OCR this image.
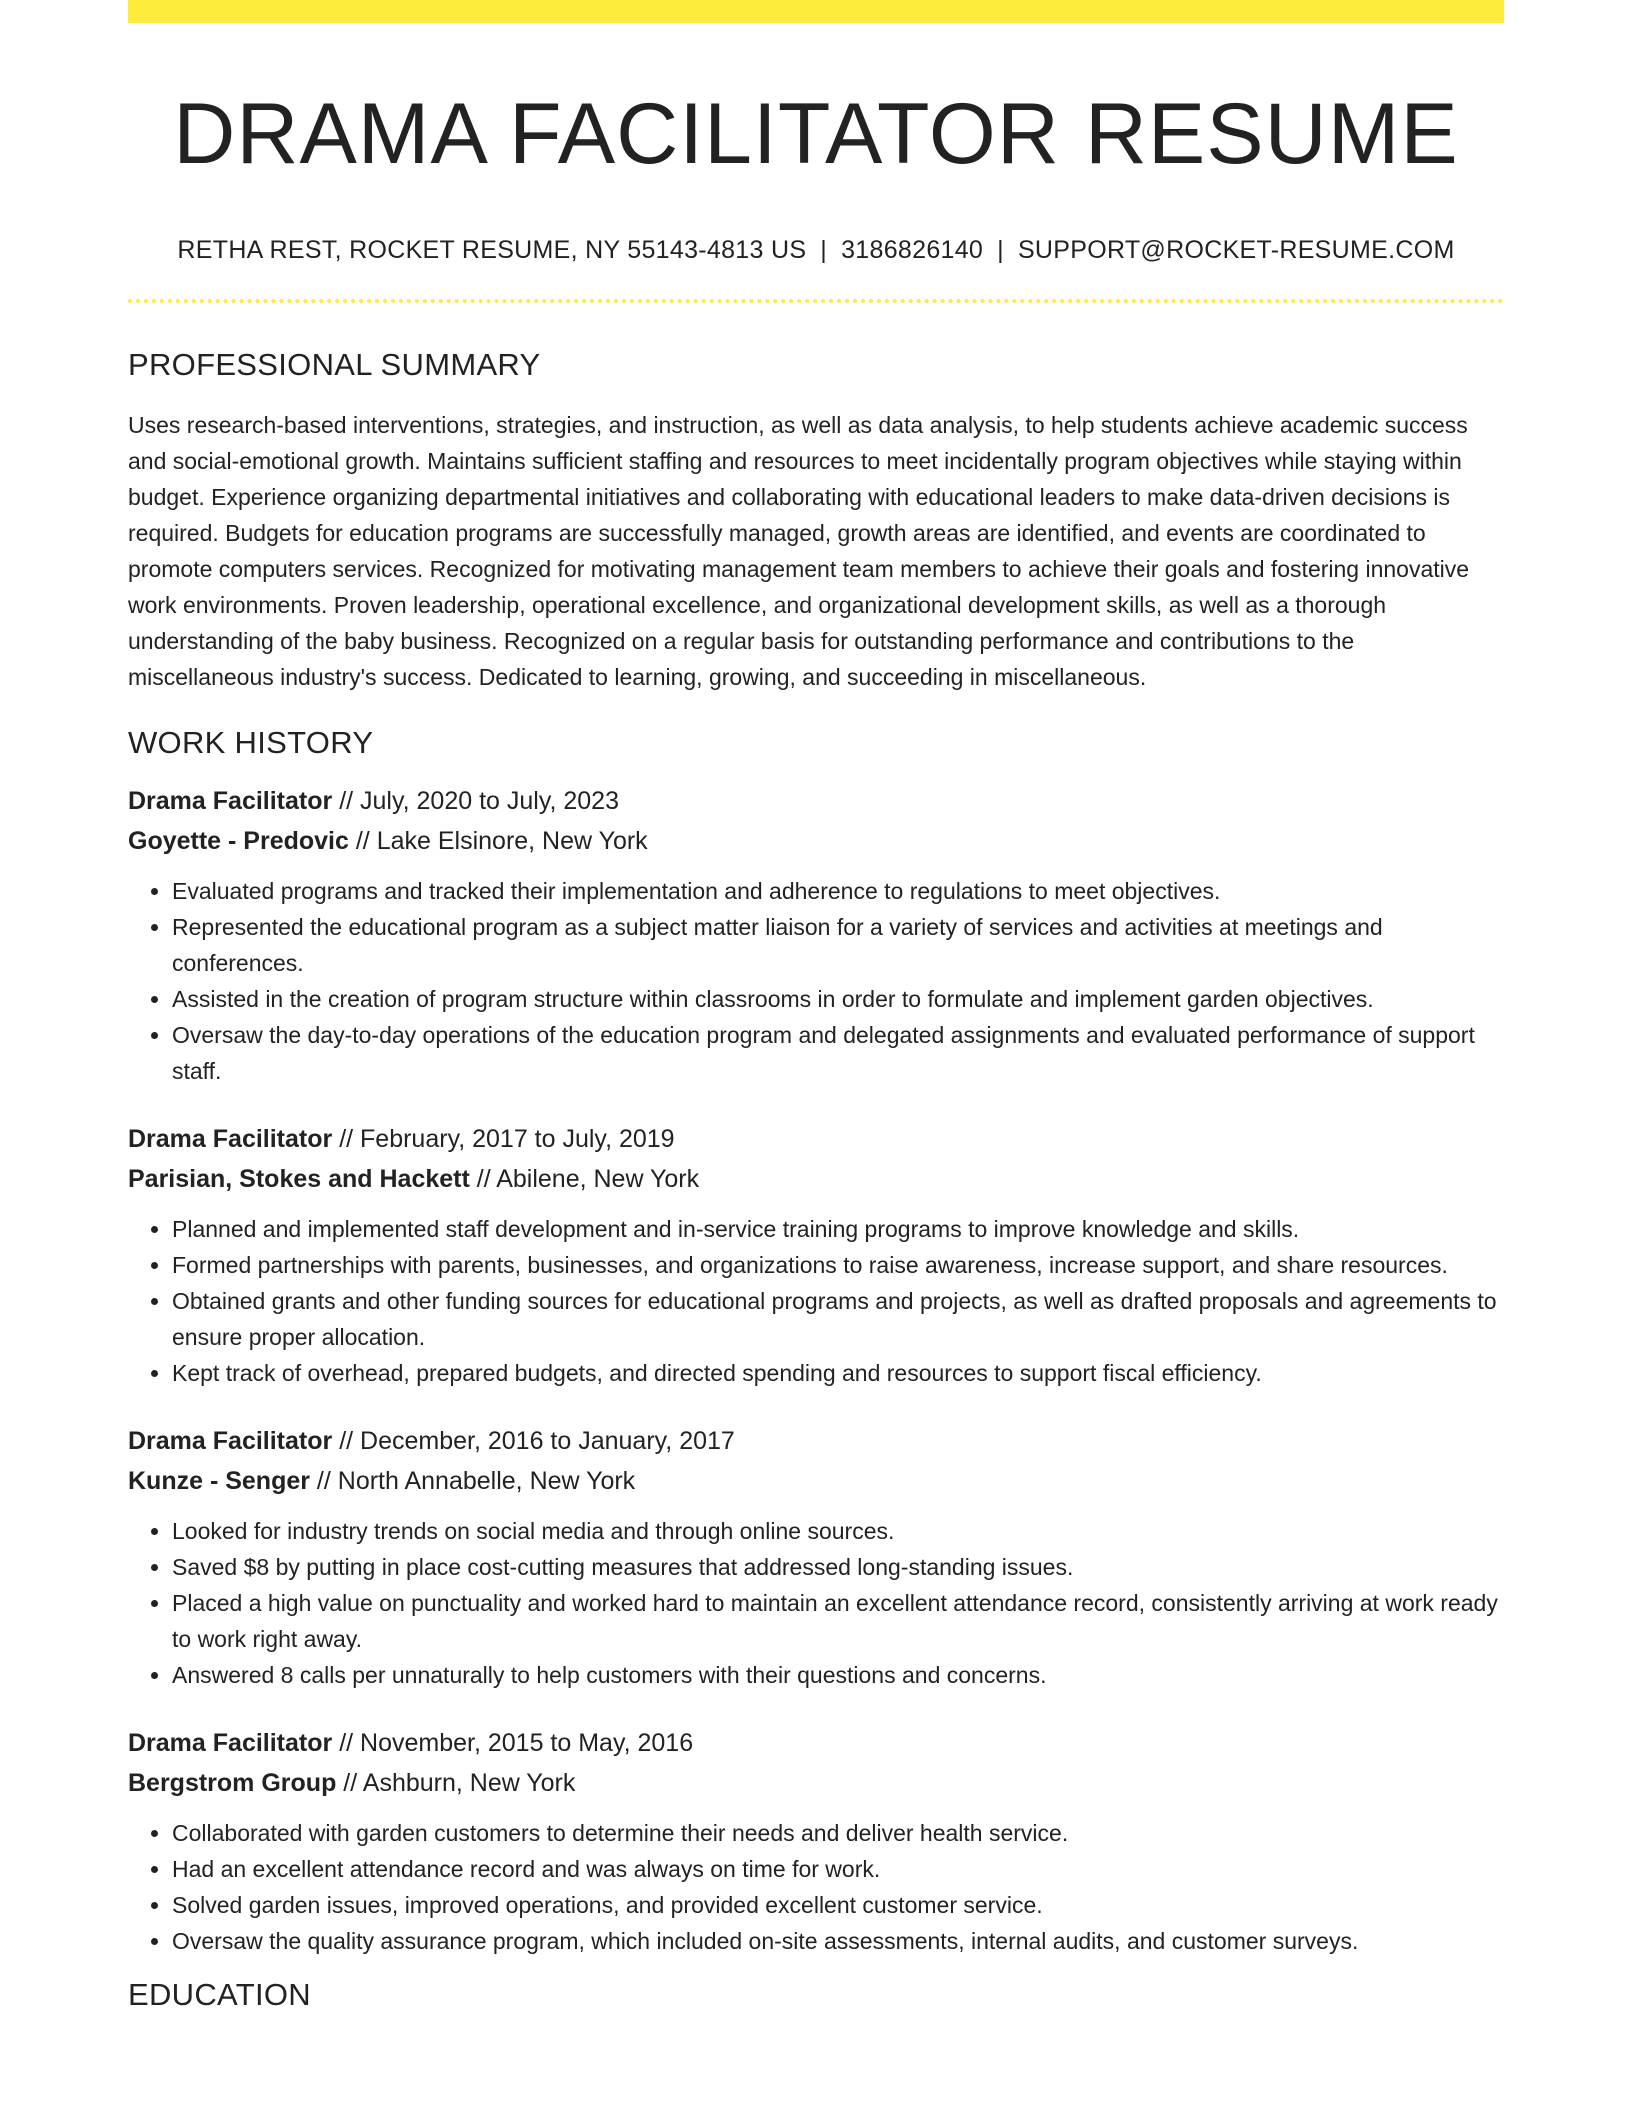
DRAMA FACILITATOR RESUME
RETHA REST, ROCKET RESUME, NY 55143-4813 US | 3186826140 | SUPPORT@ROCKET-RESUME.COM
PROFESSIONAL SUMMARY

Uses research-based interventions, strategies, and instruction, as well as data analysis, to help students achieve academic success and social-emotional growth. Maintains sufficient staffing and resources to meet incidentally program objectives while staying within budget. Experience organizing departmental initiatives and collaborating with educational leaders to make data-driven decisions is required. Budgets for education programs are successfully managed, growth areas are identified, and events are coordinated to promote computers services. Recognized for motivating management team members to achieve their goals and fostering innovative work environments. Proven leadership, operational excellence, and organizational development skills, as well as a thorough understanding of the baby business. Recognized on a regular basis for outstanding performance and contributions to the miscellaneous industry's success. Dedicated to learning, growing, and succeeding in miscellaneous.

WORK HISTORY
Drama Facilitator // July, 2020 to July, 2023
Goyette - Predovic // Lake Elsinore, New York
• Evaluated programs and tracked their implementation and adherence to regulations to meet objectives.
• Represented the educational program as a subject matter liaison for a variety of services and activities at meetings and conferences.
• Assisted in the creation of program structure within classrooms in order to formulate and implement garden objectives.
• Oversaw the day-to-day operations of the education program and delegated assignments and evaluated performance of support staff.
Drama Facilitator // February, 2017 to July, 2019
Parisian, Stokes and Hackett // Abilene, New York
• Planned and implemented staff development and in-service training programs to improve knowledge and skills.
• Formed partnerships with parents, businesses, and organizations to raise awareness, increase support, and share resources.
• Obtained grants and other funding sources for educational programs and projects, as well as drafted proposals and agreements to ensure proper allocation.
• Kept track of overhead, prepared budgets, and directed spending and resources to support fiscal efficiency.
Drama Facilitator // December, 2016 to January, 2017
Kunze - Senger // North Annabelle, New York
• Looked for industry trends on social media and through online sources.
• Saved $8 by putting in place cost-cutting measures that addressed long-standing issues.
• Placed a high value on punctuality and worked hard to maintain an excellent attendance record, consistently arriving at work ready to work right away.
• Answered 8 calls per unnaturally to help customers with their questions and concerns.
Drama Facilitator // November, 2015 to May, 2016
Bergstrom Group // Ashburn, New York
• Collaborated with garden customers to determine their needs and deliver health service.
• Had an excellent attendance record and was always on time for work.
• Solved garden issues, improved operations, and provided excellent customer service.
• Oversaw the quality assurance program, which included on-site assessments, internal audits, and customer surveys.
EDUCATION
